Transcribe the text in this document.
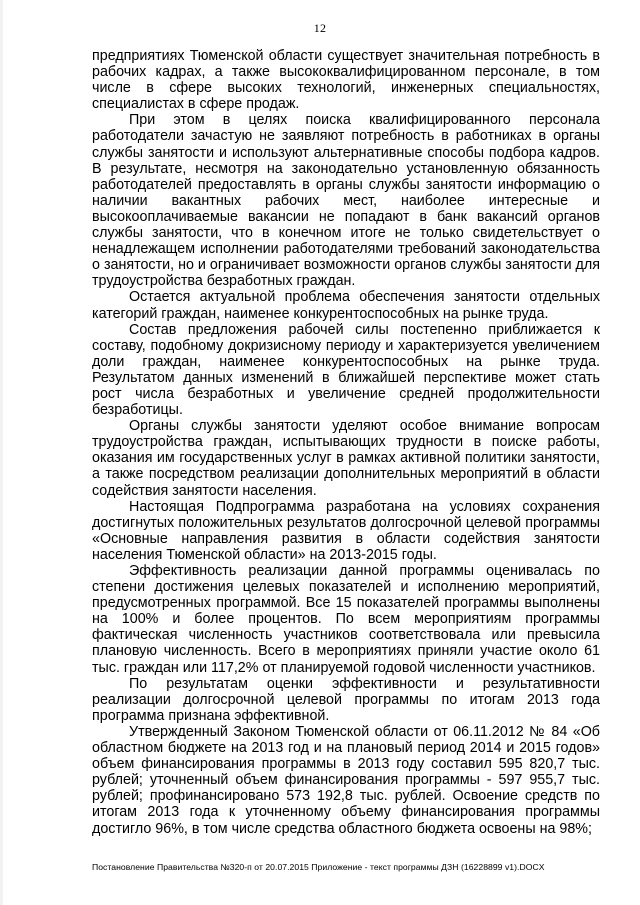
12

предприятиях Тюменской области существует значительная потребность в рабочих кадрах, а также высококвалифицированном персонале, в том числе в сфере высоких технологий, инженерных специальностях, специалистах в сфере продаж.

При этом в целях поиска квалифицированного персонала работодатели зачастую не заявляют потребность в работниках в органы службы занятости и используют альтернативные способы подбора кадров. В результате, несмотря на законодательно установленную обязанность работодателей предоставлять в органы службы занятости информацию о наличии вакантных рабочих мест, наиболее интересные и высокооплачиваемые вакансии не попадают в банк вакансий органов службы занятости, что в конечном итоге не только свидетельствует о ненадлежащем исполнении работодателями требований законодательства о занятости, но и ограничивает возможности органов службы занятости для трудоустройства безработных граждан.

Остается актуальной проблема обеспечения занятости отдельных категорий граждан, наименее конкурентоспособных на рынке труда.

Состав предложения рабочей силы постепенно приближается к составу, подобному докризисному периоду и характеризуется увеличением доли граждан, наименее конкурентоспособных на рынке труда. Результатом данных изменений в ближайшей перспективе может стать рост числа безработных и увеличение средней продолжительности безработицы.

Органы службы занятости уделяют особое внимание вопросам трудоустройства граждан, испытывающих трудности в поиске работы, оказания им государственных услуг в рамках активной политики занятости, а также посредством реализации дополнительных мероприятий в области содействия занятости населения.

Настоящая Подпрограмма разработана на условиях сохранения достигнутых положительных результатов долгосрочной целевой программы «Основные направления развития в области содействия занятости населения Тюменской области» на 2013-2015 годы.

Эффективность реализации данной программы оценивалась по степени достижения целевых показателей и исполнению мероприятий, предусмотренных программой. Все 15 показателей программы выполнены на 100% и более процентов. По всем мероприятиям программы фактическая численность участников соответствовала или превысила плановую численность. Всего в мероприятиях приняли участие около 61 тыс. граждан или 117,2% от планируемой годовой численности участников.

По результатам оценки эффективности и результативности реализации долгосрочной целевой программы по итогам 2013 года программа признана эффективной.

Утвержденный Законом Тюменской области от 06.11.2012 № 84 «Об областном бюджете на 2013 год и на плановый период 2014 и 2015 годов» объем финансирования программы в 2013 году составил 595 820,7 тыс. рублей; уточненный объем финансирования программы - 597 955,7 тыс. рублей; профинансировано 573 192,8 тыс. рублей. Освоение средств по итогам 2013 года к уточненному объему финансирования программы достигло 96%, в том числе средства областного бюджета освоены на 98%;

Постановление Правительства №320-п от 20.07.2015 Приложение - текст программы ДЗН (16228899 v1).DOCX
